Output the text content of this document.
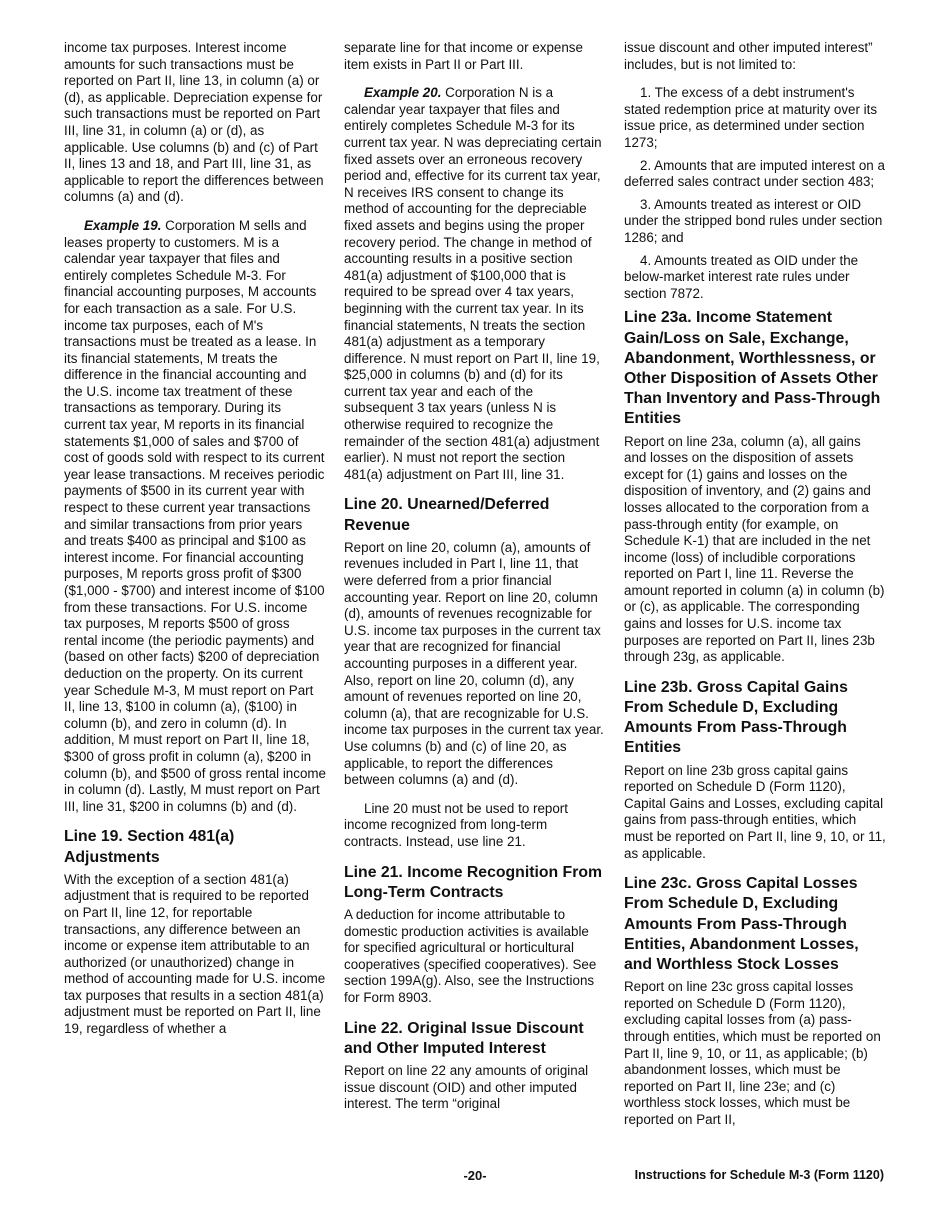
income tax purposes. Interest income amounts for such transactions must be reported on Part II, line 13, in column (a) or (d), as applicable. Depreciation expense for such transactions must be reported on Part III, line 31, in column (a) or (d), as applicable. Use columns (b) and (c) of Part II, lines 13 and 18, and Part III, line 31, as applicable to report the differences between columns (a) and (d).

Example 19. Corporation M sells and leases property to customers. M is a calendar year taxpayer that files and entirely completes Schedule M-3. For financial accounting purposes, M accounts for each transaction as a sale. For U.S. income tax purposes, each of M's transactions must be treated as a lease. In its financial statements, M treats the difference in the financial accounting and the U.S. income tax treatment of these transactions as temporary. During its current tax year, M reports in its financial statements $1,000 of sales and $700 of cost of goods sold with respect to its current year lease transactions. M receives periodic payments of $500 in its current year with respect to these current year transactions and similar transactions from prior years and treats $400 as principal and $100 as interest income. For financial accounting purposes, M reports gross profit of $300 ($1,000 - $700) and interest income of $100 from these transactions. For U.S. income tax purposes, M reports $500 of gross rental income (the periodic payments) and (based on other facts) $200 of depreciation deduction on the property. On its current year Schedule M-3, M must report on Part II, line 13, $100 in column (a), ($100) in column (b), and zero in column (d). In addition, M must report on Part II, line 18, $300 of gross profit in column (a), $200 in column (b), and $500 of gross rental income in column (d). Lastly, M must report on Part III, line 31, $200 in columns (b) and (d).

Line 19. Section 481(a) Adjustments

With the exception of a section 481(a) adjustment that is required to be reported on Part II, line 12, for reportable transactions, any difference between an income or expense item attributable to an authorized (or unauthorized) change in method of accounting made for U.S. income tax purposes that results in a section 481(a) adjustment must be reported on Part II, line 19, regardless of whether a

separate line for that income or expense item exists in Part II or Part III.

Example 20. Corporation N is a calendar year taxpayer that files and entirely completes Schedule M-3 for its current tax year. N was depreciating certain fixed assets over an erroneous recovery period and, effective for its current tax year, N receives IRS consent to change its method of accounting for the depreciable fixed assets and begins using the proper recovery period. The change in method of accounting results in a positive section 481(a) adjustment of $100,000 that is required to be spread over 4 tax years, beginning with the current tax year. In its financial statements, N treats the section 481(a) adjustment as a temporary difference. N must report on Part II, line 19, $25,000 in columns (b) and (d) for its current tax year and each of the subsequent 3 tax years (unless N is otherwise required to recognize the remainder of the section 481(a) adjustment earlier). N must not report the section 481(a) adjustment on Part III, line 31.

Line 20. Unearned/Deferred Revenue

Report on line 20, column (a), amounts of revenues included in Part I, line 11, that were deferred from a prior financial accounting year. Report on line 20, column (d), amounts of revenues recognizable for U.S. income tax purposes in the current tax year that are recognized for financial accounting purposes in a different year. Also, report on line 20, column (d), any amount of revenues reported on line 20, column (a), that are recognizable for U.S. income tax purposes in the current tax year. Use columns (b) and (c) of line 20, as applicable, to report the differences between columns (a) and (d).

Line 20 must not be used to report income recognized from long-term contracts. Instead, use line 21.

Line 21. Income Recognition From Long-Term Contracts

A deduction for income attributable to domestic production activities is available for specified agricultural or horticultural cooperatives (specified cooperatives). See section 199A(g). Also, see the Instructions for Form 8903.

Line 22. Original Issue Discount and Other Imputed Interest

Report on line 22 any amounts of original issue discount (OID) and other imputed interest. The term “original

issue discount and other imputed interest” includes, but is not limited to:

1. The excess of a debt instrument's stated redemption price at maturity over its issue price, as determined under section 1273;

2. Amounts that are imputed interest on a deferred sales contract under section 483;

3. Amounts treated as interest or OID under the stripped bond rules under section 1286; and

4. Amounts treated as OID under the below-market interest rate rules under section 7872.

Line 23a. Income Statement Gain/Loss on Sale, Exchange, Abandonment, Worthlessness, or Other Disposition of Assets Other Than Inventory and Pass-Through Entities

Report on line 23a, column (a), all gains and losses on the disposition of assets except for (1) gains and losses on the disposition of inventory, and (2) gains and losses allocated to the corporation from a pass-through entity (for example, on Schedule K-1) that are included in the net income (loss) of includible corporations reported on Part I, line 11. Reverse the amount reported in column (a) in column (b) or (c), as applicable. The corresponding gains and losses for U.S. income tax purposes are reported on Part II, lines 23b through 23g, as applicable.

Line 23b. Gross Capital Gains From Schedule D, Excluding Amounts From Pass-Through Entities

Report on line 23b gross capital gains reported on Schedule D (Form 1120), Capital Gains and Losses, excluding capital gains from pass-through entities, which must be reported on Part II, line 9, 10, or 11, as applicable.

Line 23c. Gross Capital Losses From Schedule D, Excluding Amounts From Pass-Through Entities, Abandonment Losses, and Worthless Stock Losses

Report on line 23c gross capital losses reported on Schedule D (Form 1120), excluding capital losses from (a) pass-through entities, which must be reported on Part II, line 9, 10, or 11, as applicable; (b) abandonment losses, which must be reported on Part II, line 23e; and (c) worthless stock losses, which must be reported on Part II,

-20-	Instructions for Schedule M-3 (Form 1120)
